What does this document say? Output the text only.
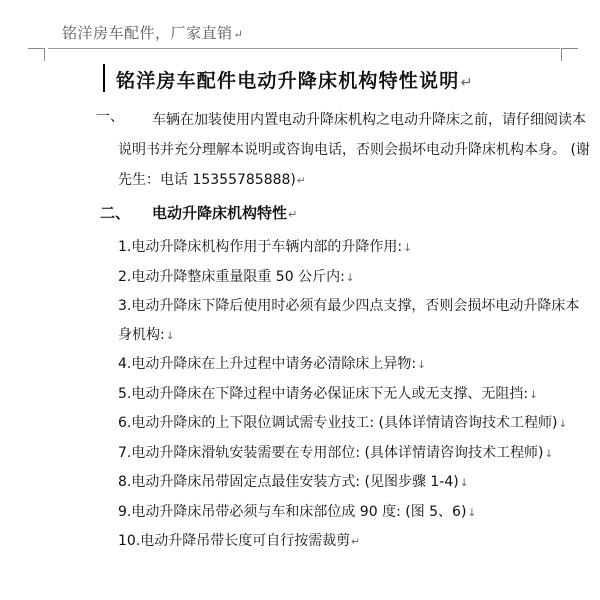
铭洋房车配件，厂家直销↵
铭洋房车配件电动升降床机构特性说明↵
一、	车辆在加装使用内置电动升降床机构之电动升降床之前，请仔细阅读本说明书并充分理解本说明或咨询电话，否则会损坏电动升降床机构本身。 (谢先生：电话 15355785888)↵
二、 电动升降床机构特性↵

1.电动升降床机构作用于车辆内部的升降作用:↓

2.电动升降整床重量限重 50 公斤内:↓

3.电动升降床下降后使用时必须有最少四点支撑，否则会损坏电动升降床本身机构:↓

4.电动升降床在上升过程中请务必清除床上异物:↓

5.电动升降床在下降过程中请务必保证床下无人或无支撑、无阻挡:↓

6.电动升降床的上下限位调试需专业技工: (具体详情请咨询技术工程师)↓

7.电动升降床滑轨安装需要在专用部位: (具体详情请咨询技术工程师)↓

8.电动升降床吊带固定点最佳安装方式: (见图步骤 1-4)↓

9.电动升降床吊带必须与车和床部位成 90 度: (图 5、6)↓

10.电动升降吊带长度可自行按需裁剪↵
